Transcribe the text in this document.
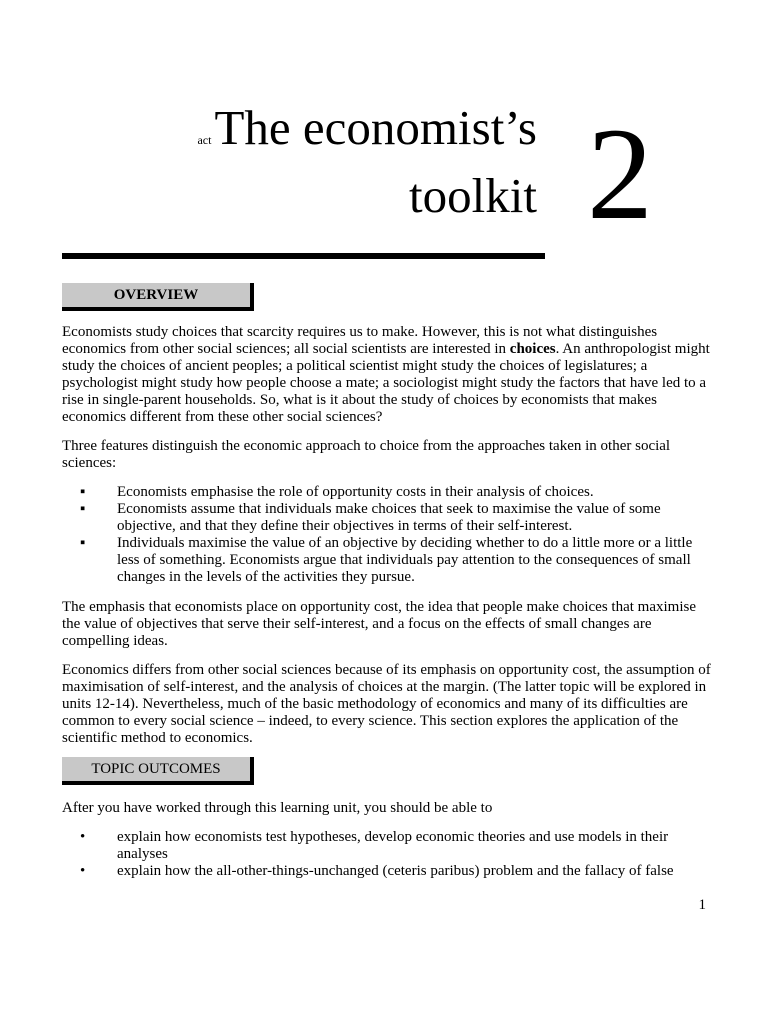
actThe economist’s
toolkit 2
OVERVIEW

Economists study choices that scarcity requires us to make. However, this is not what distinguishes economics from other social sciences; all social scientists are interested in choices. An anthropologist might study the choices of ancient peoples; a political scientist might study the choices of legislatures; a psychologist might study how people choose a mate; a sociologist might study the factors that have led to a rise in single-parent households. So, what is it about the study of choices by economists that makes economics different from these other social sciences?

Three features distinguish the economic approach to choice from the approaches taken in other social sciences:
▪ Economists emphasise the role of opportunity costs in their analysis of choices.
▪ Economists assume that individuals make choices that seek to maximise the value of some objective, and that they define their objectives in terms of their self-interest.
▪ Individuals maximise the value of an objective by deciding whether to do a little more or a little less of something. Economists argue that individuals pay attention to the consequences of small changes in the levels of the activities they pursue.
The emphasis that economists place on opportunity cost, the idea that people make choices that maximise the value of objectives that serve their self-interest, and a focus on the effects of small changes are compelling ideas.
Economics differs from other social sciences because of its emphasis on opportunity cost, the assumption of maximisation of self-interest, and the analysis of choices at the margin. (The latter topic will be explored in units 12-14). Nevertheless, much of the basic methodology of economics and many of its difficulties are common to every social science – indeed, to every science. This section explores the application of the scientific method to economics.
TOPIC OUTCOMES
After you have worked through this learning unit, you should be able to
• explain how economists test hypotheses, develop economic theories and use models in their analyses
• explain how the all-other-things-unchanged (ceteris paribus) problem and the fallacy of false
1
